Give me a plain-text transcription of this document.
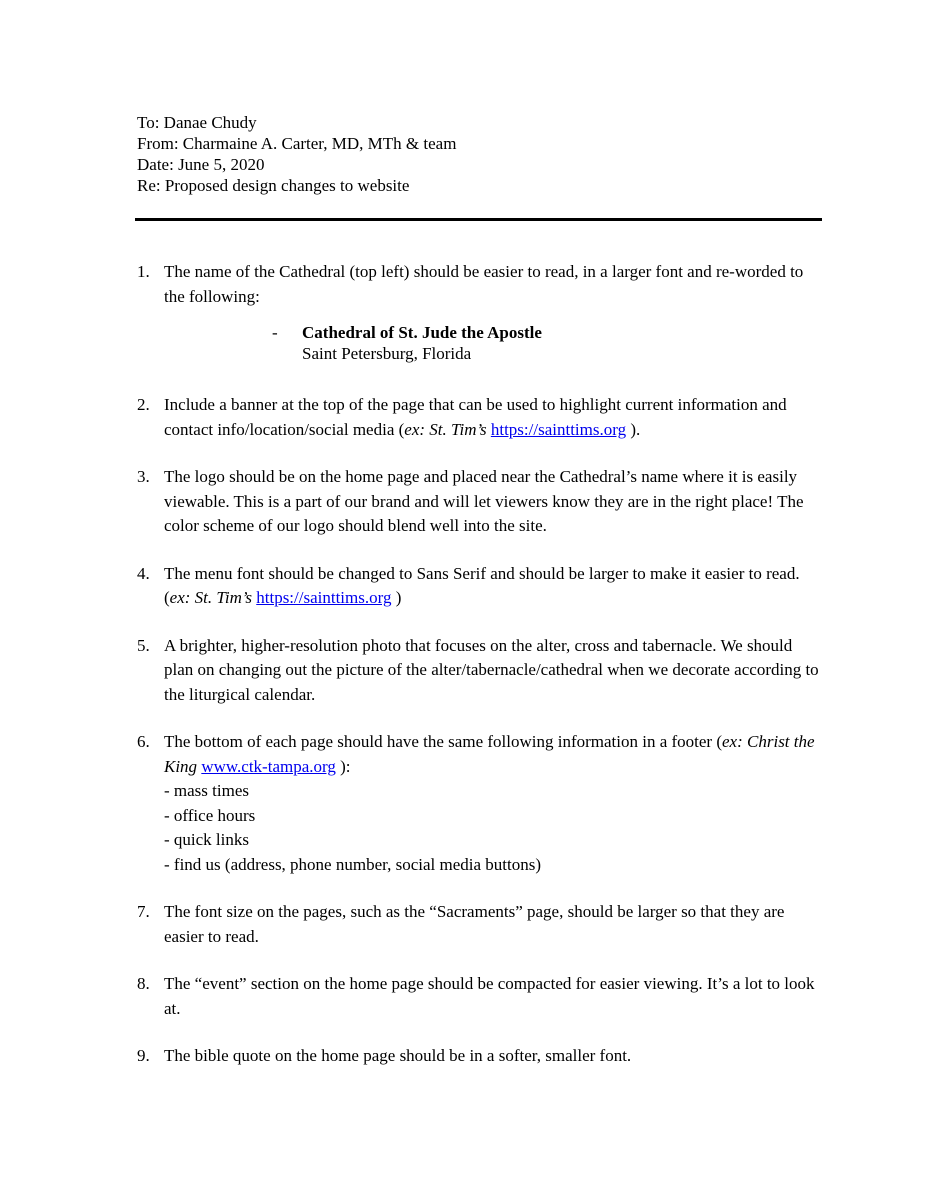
To: Danae Chudy
From: Charmaine A. Carter, MD, MTh & team
Date: June 5, 2020
Re: Proposed design changes to website
1. The name of the Cathedral (top left) should be easier to read, in a larger font and re-worded to the following:

-	Cathedral of St. Jude the Apostle
Saint Petersburg, Florida
2. Include a banner at the top of the page that can be used to highlight current information and contact info/location/social media (ex: St. Tim’s https://sainttims.org ).

3. The logo should be on the home page and placed near the Cathedral’s name where it is easily viewable. This is a part of our brand and will let viewers know they are in the right place! The color scheme of our logo should blend well into the site.

4. The menu font should be changed to Sans Serif and should be larger to make it easier to read. (ex: St. Tim’s https://sainttims.org )

5. A brighter, higher-resolution photo that focuses on the alter, cross and tabernacle. We should plan on changing out the picture of the alter/tabernacle/cathedral when we decorate according to the liturgical calendar.

6. The bottom of each page should have the same following information in a footer (ex: Christ the King www.ctk-tampa.org ):

- mass times
- office hours
- quick links
- find us (address, phone number, social media buttons)
7. The font size on the pages, such as the “Sacraments” page, should be larger so that they are easier to read.

8. The “event” section on the home page should be compacted for easier viewing. It’s a lot to look at.

9. The bible quote on the home page should be in a softer, smaller font.
